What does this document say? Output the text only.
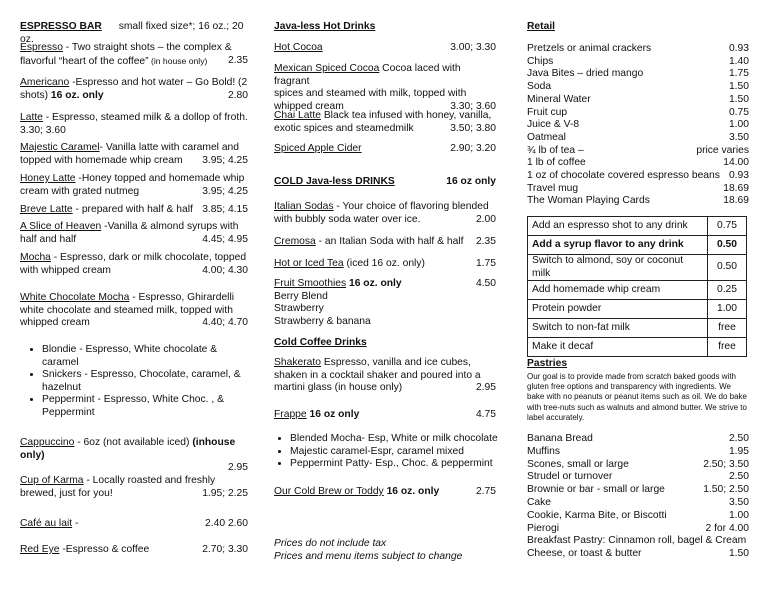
ESPRESSO BAR small fixed size*; 16 oz.; 20 oz.
Espresso - Two straight shots – the complex &
flavorful “heart of the coffee” (in house only) 2.35
Americano -Espresso and hot water – Go Bold! (2
shots) 16 oz. only	2.80
Latte - Espresso, steamed milk & a dollop of froth.
3.30; 3.60
Majestic Caramel- Vanilla latte with caramel and
topped with homemade whip cream 3.95; 4.25
Honey Latte -Honey topped and homemade whip
cream with grated nutmeg	3.95; 4.25
Breve Latte - prepared with half & half 3.85; 4.15
A Slice of Heaven -Vanilla & almond syrups with
half and half	4.45; 4.95
Mocha - Espresso, dark or milk chocolate, topped
with whipped cream	4.00; 4.30
White Chocolate Mocha - Espresso, Ghirardelli
white chocolate and steamed milk, topped with
whipped cream	4.40; 4.70
• Blondie - Espresso, White chocolate & caramel
• Snickers - Espresso, Chocolate, caramel, & hazelnut
• Peppermint - Espresso, White Choc. , & Peppermint
Cappuccino - 6oz (not available iced) (inhouse only)
2.95
Cup of Karma - Locally roasted and freshly
brewed, just for you!	1.95; 2.25
Café au lait -	2.40 2.60
Red Eye -Espresso & coffee	2.70; 3.30
Java-less Hot Drinks
Hot Cocoa	3.00; 3.30
Mexican Spiced Cocoa Cocoa laced with fragrant
spices and steamed with milk, topped with
whipped cream	3.30; 3.60
Chai Latte Black tea infused with honey, vanilla,
exotic spices and steamedmilk	3.50; 3.80
Spiced Apple Cider	2.90; 3.20
COLD Java-less DRINKS	16 oz only
Italian Sodas - Your choice of flavoring blended
with bubbly soda water over ice.	2.00
Cremosa - an Italian Soda with half & half 2.35
Hot or Iced Tea (iced 16 oz. only)	1.75
Fruit Smoothies 16 oz. only	4.50
Berry Blend
Strawberry
Strawberry & banana
Cold Coffee Drinks
Shakerato Espresso, vanilla and ice cubes,
shaken in a cocktail shaker and poured into a
martini glass (in house only)	2.95
Frappe 16 oz only	4.75
• Blended Mocha- Esp, White or milk chocolate
• Majestic caramel-Espr, caramel mixed
• Peppermint Patty- Esp., Choc. & peppermint
Our Cold Brew or Toddy 16 oz. only	2.75
Prices do not include tax
Prices and menu items subject to change
Retail
Pretzels or animal crackers	0.93
Chips	1.40
Java Bites – dried mango	1.75
Soda	1.50
Mineral Water	1.50
Fruit cup	0.75
Juice & V-8	1.00
Oatmeal	3.50
¾ lb of tea –	price varies
1 lb of coffee	14.00
1 oz of chocolate covered espresso beans 0.93
Travel mug	18.69
The Woman Playing Cards	18.69
Add an espresso shot to any drink	0.75
Add a syrup flavor to any drink	0.50
Switch to almond, soy or coconut milk	0.50
Add homemade whip cream	0.25
Protein powder	1.00
Switch to non-fat milk	free
Make it decaf	free
Pastries
Our goal is to provide made from scratch baked goods with gluten free options and transparency with ingredients. We bake with no peanuts or peanut items such as oil. We do bake with tree-nuts such as walnuts and almond butter. We strive to label accurately.
Banana Bread	2.50
Muffins	1.95
Scones, small or large	2.50; 3.50
Strudel or turnover	2.50
Brownie or bar - small or large	1.50; 2.50
Cake	3.50
Cookie, Karma Bite, or Biscotti	1.00
Pierogi	2 for 4.00
Breakfast Pastry: Cinnamon roll, bagel & Cream
Cheese, or toast & butter	1.50
